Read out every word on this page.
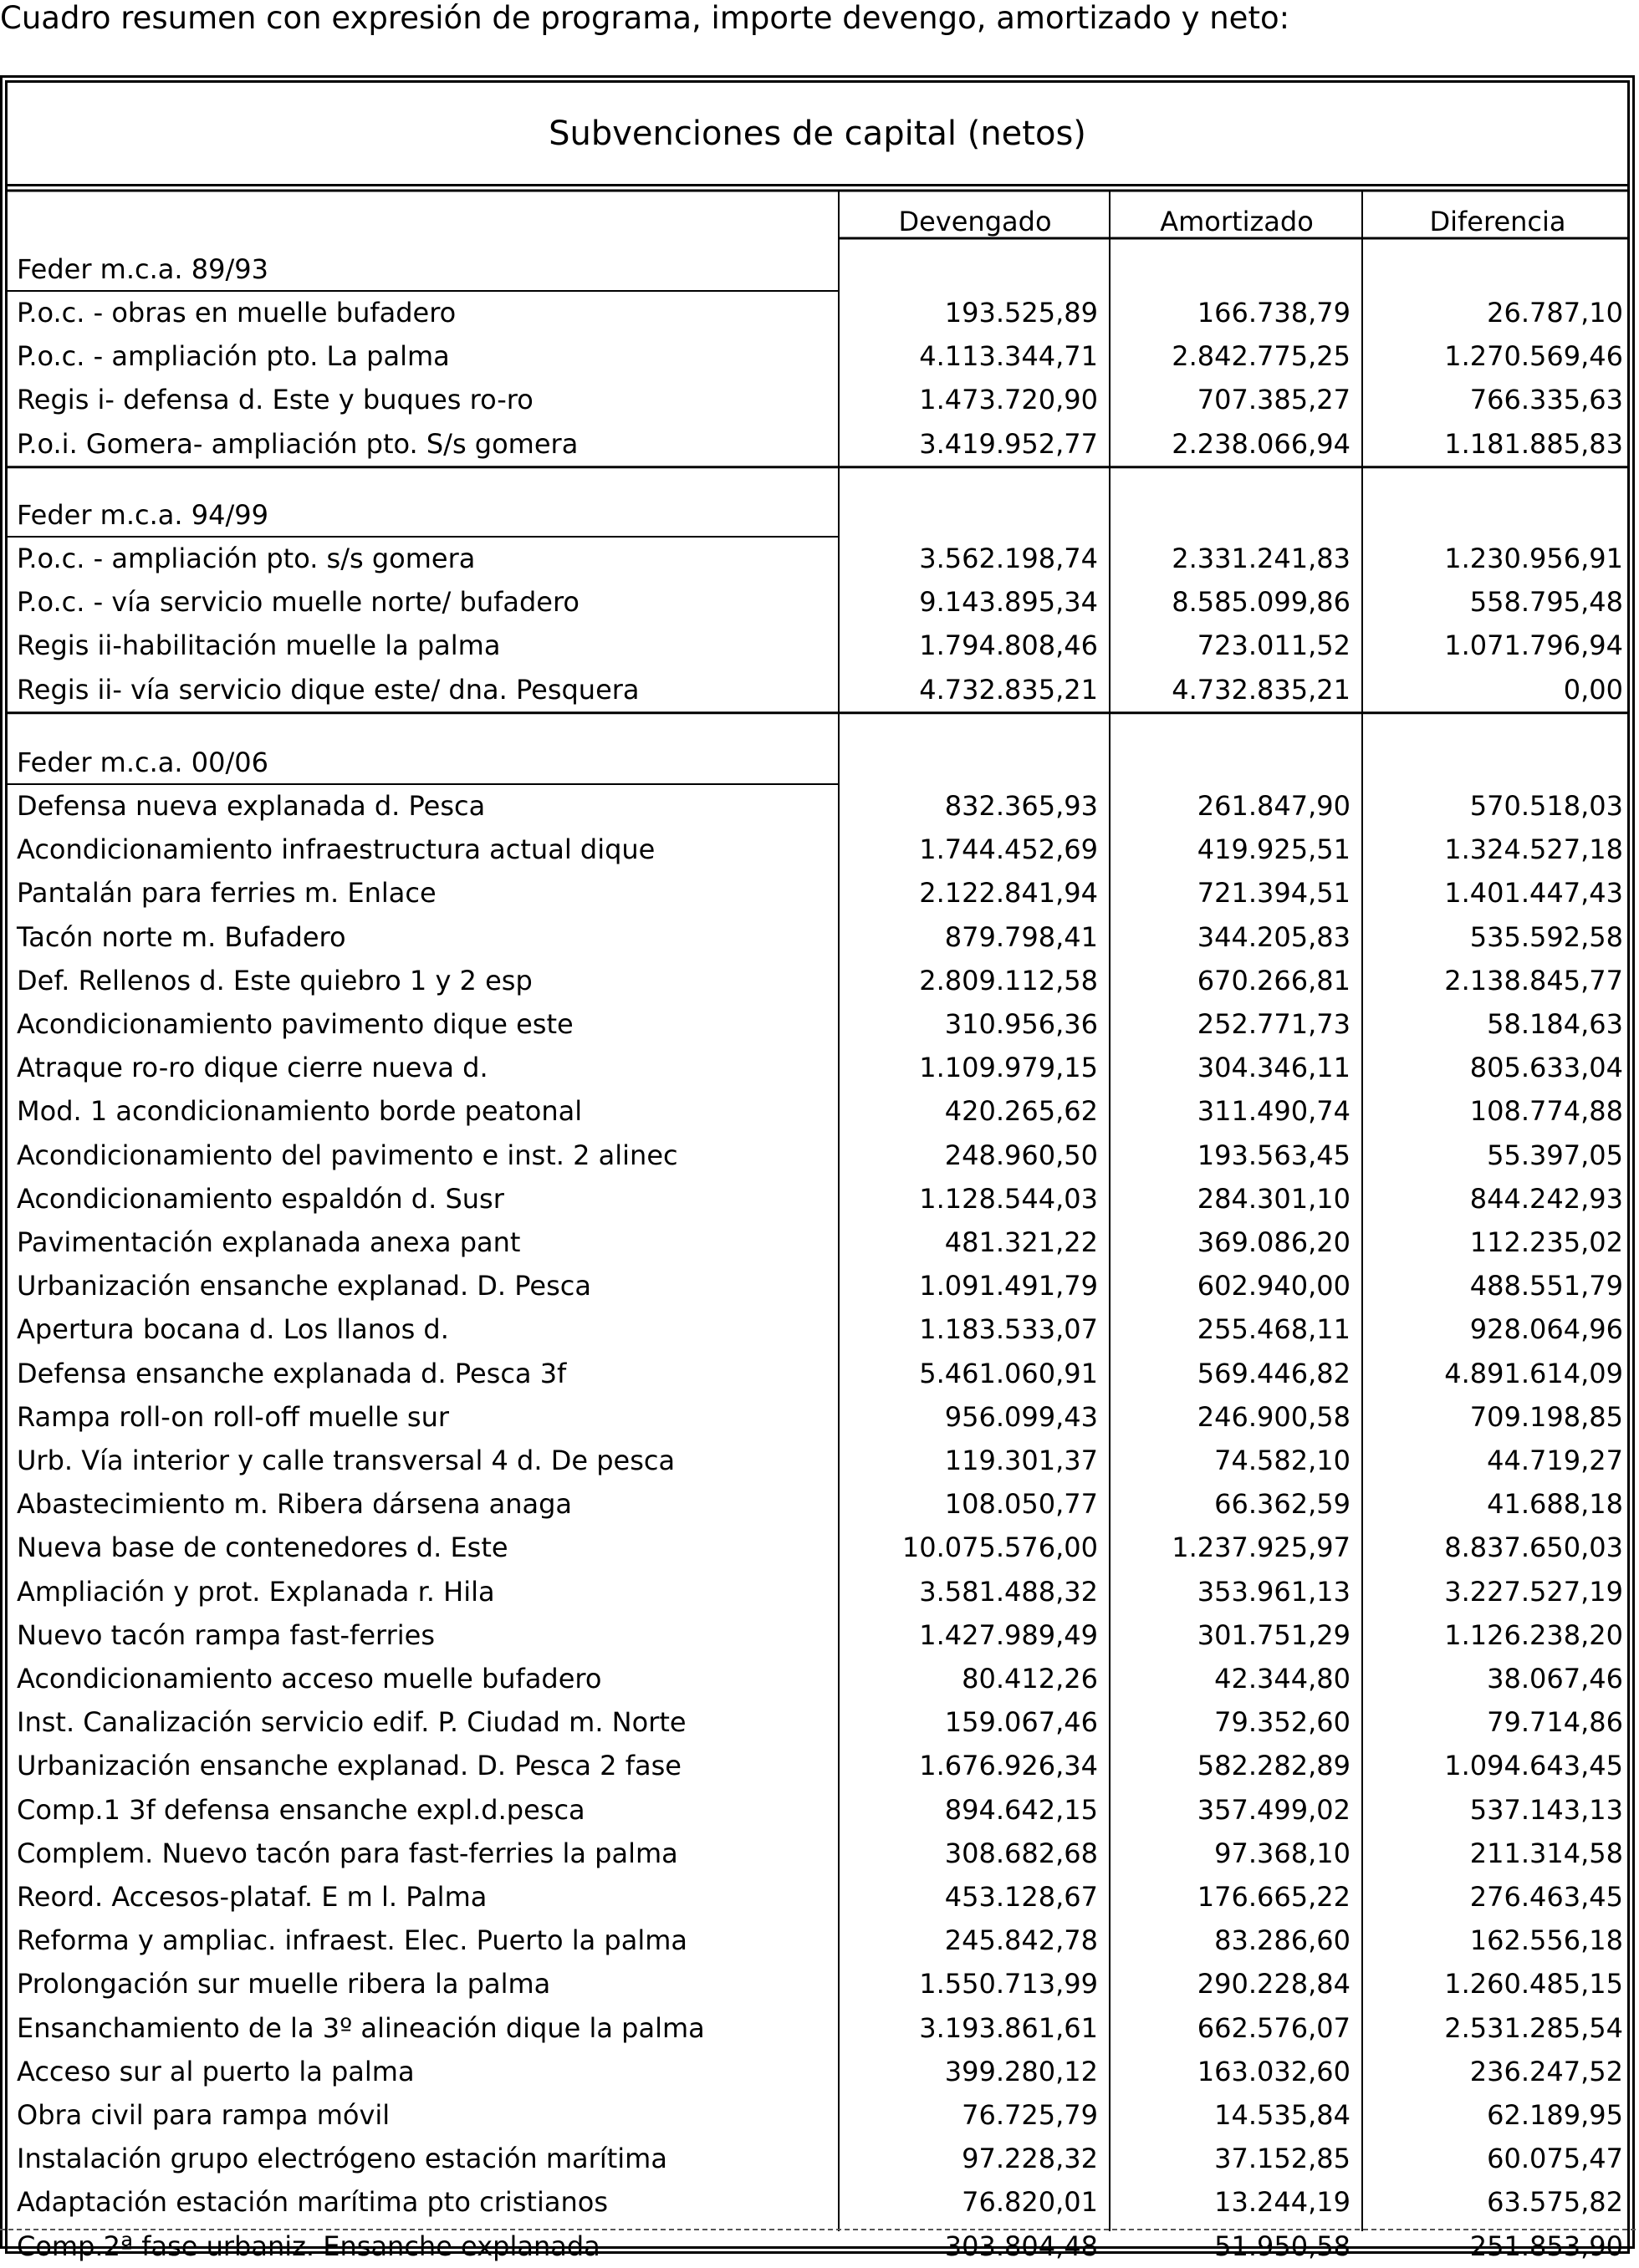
Cuadro resumen con expresión de programa, importe devengo, amortizado y neto:
Subvenciones de capital (netos)
Devengado	Amortizado	Diferencia
Feder m.c.a. 89/93
P.o.c. - obras en muelle bufadero	193.525,89	166.738,79	26.787,10
P.o.c. - ampliación pto. La palma	4.113.344,71	2.842.775,25	1.270.569,46
Regis i- defensa d. Este y buques ro-ro	1.473.720,90	707.385,27	766.335,63
P.o.i. Gomera- ampliación pto. S/s gomera	3.419.952,77	2.238.066,94	1.181.885,83
Feder m.c.a. 94/99
P.o.c. - ampliación pto. s/s gomera	3.562.198,74	2.331.241,83	1.230.956,91
P.o.c. - vía servicio muelle norte/ bufadero	9.143.895,34	8.585.099,86	558.795,48
Regis ii-habilitación muelle la palma	1.794.808,46	723.011,52	1.071.796,94
Regis ii- vía servicio dique este/ dna. Pesquera	4.732.835,21	4.732.835,21	0,00
Feder m.c.a. 00/06
Defensa nueva explanada d. Pesca	832.365,93	261.847,90	570.518,03
Acondicionamiento infraestructura actual dique	1.744.452,69	419.925,51	1.324.527,18
Pantalán para ferries m. Enlace	2.122.841,94	721.394,51	1.401.447,43
Tacón norte m. Bufadero	879.798,41	344.205,83	535.592,58
Def. Rellenos d. Este quiebro 1 y 2 esp	2.809.112,58	670.266,81	2.138.845,77
Acondicionamiento pavimento dique este	310.956,36	252.771,73	58.184,63
Atraque ro-ro dique cierre nueva d.	1.109.979,15	304.346,11	805.633,04
Mod. 1 acondicionamiento borde peatonal	420.265,62	311.490,74	108.774,88
Acondicionamiento del pavimento e inst. 2 alinec	248.960,50	193.563,45	55.397,05
Acondicionamiento espaldón d. Susr	1.128.544,03	284.301,10	844.242,93
Pavimentación explanada anexa pant	481.321,22	369.086,20	112.235,02
Urbanización ensanche explanad. D. Pesca	1.091.491,79	602.940,00	488.551,79
Apertura bocana d. Los llanos d.	1.183.533,07	255.468,11	928.064,96
Defensa ensanche explanada d. Pesca 3f	5.461.060,91	569.446,82	4.891.614,09
Rampa roll-on roll-off muelle sur	956.099,43	246.900,58	709.198,85
Urb. Vía interior y calle transversal 4 d. De pesca	119.301,37	74.582,10	44.719,27
Abastecimiento m. Ribera dársena anaga	108.050,77	66.362,59	41.688,18
Nueva base de contenedores d. Este	10.075.576,00	1.237.925,97	8.837.650,03
Ampliación y prot. Explanada r. Hila	3.581.488,32	353.961,13	3.227.527,19
Nuevo tacón rampa fast-ferries	1.427.989,49	301.751,29	1.126.238,20
Acondicionamiento acceso muelle bufadero	80.412,26	42.344,80	38.067,46
Inst. Canalización servicio edif. P. Ciudad m. Norte	159.067,46	79.352,60	79.714,86
Urbanización ensanche explanad. D. Pesca 2 fase	1.676.926,34	582.282,89	1.094.643,45
Comp.1 3f defensa ensanche expl.d.pesca	894.642,15	357.499,02	537.143,13
Complem. Nuevo tacón para fast-ferries la palma	308.682,68	97.368,10	211.314,58
Reord. Accesos-plataf. E m l. Palma	453.128,67	176.665,22	276.463,45
Reforma y ampliac. infraest. Elec. Puerto la palma	245.842,78	83.286,60	162.556,18
Prolongación sur muelle ribera la palma	1.550.713,99	290.228,84	1.260.485,15
Ensanchamiento de la 3º alineación dique la palma	3.193.861,61	662.576,07	2.531.285,54
Acceso sur al puerto la palma	399.280,12	163.032,60	236.247,52
Obra civil para rampa móvil	76.725,79	14.535,84	62.189,95
Instalación grupo electrógeno estación marítima	97.228,32	37.152,85	60.075,47
Adaptación estación marítima pto cristianos	76.820,01	13.244,19	63.575,82
Comp.2ª fase urbaniz. Ensanche explanada	303.804,48	51.950,58	251.853,90
